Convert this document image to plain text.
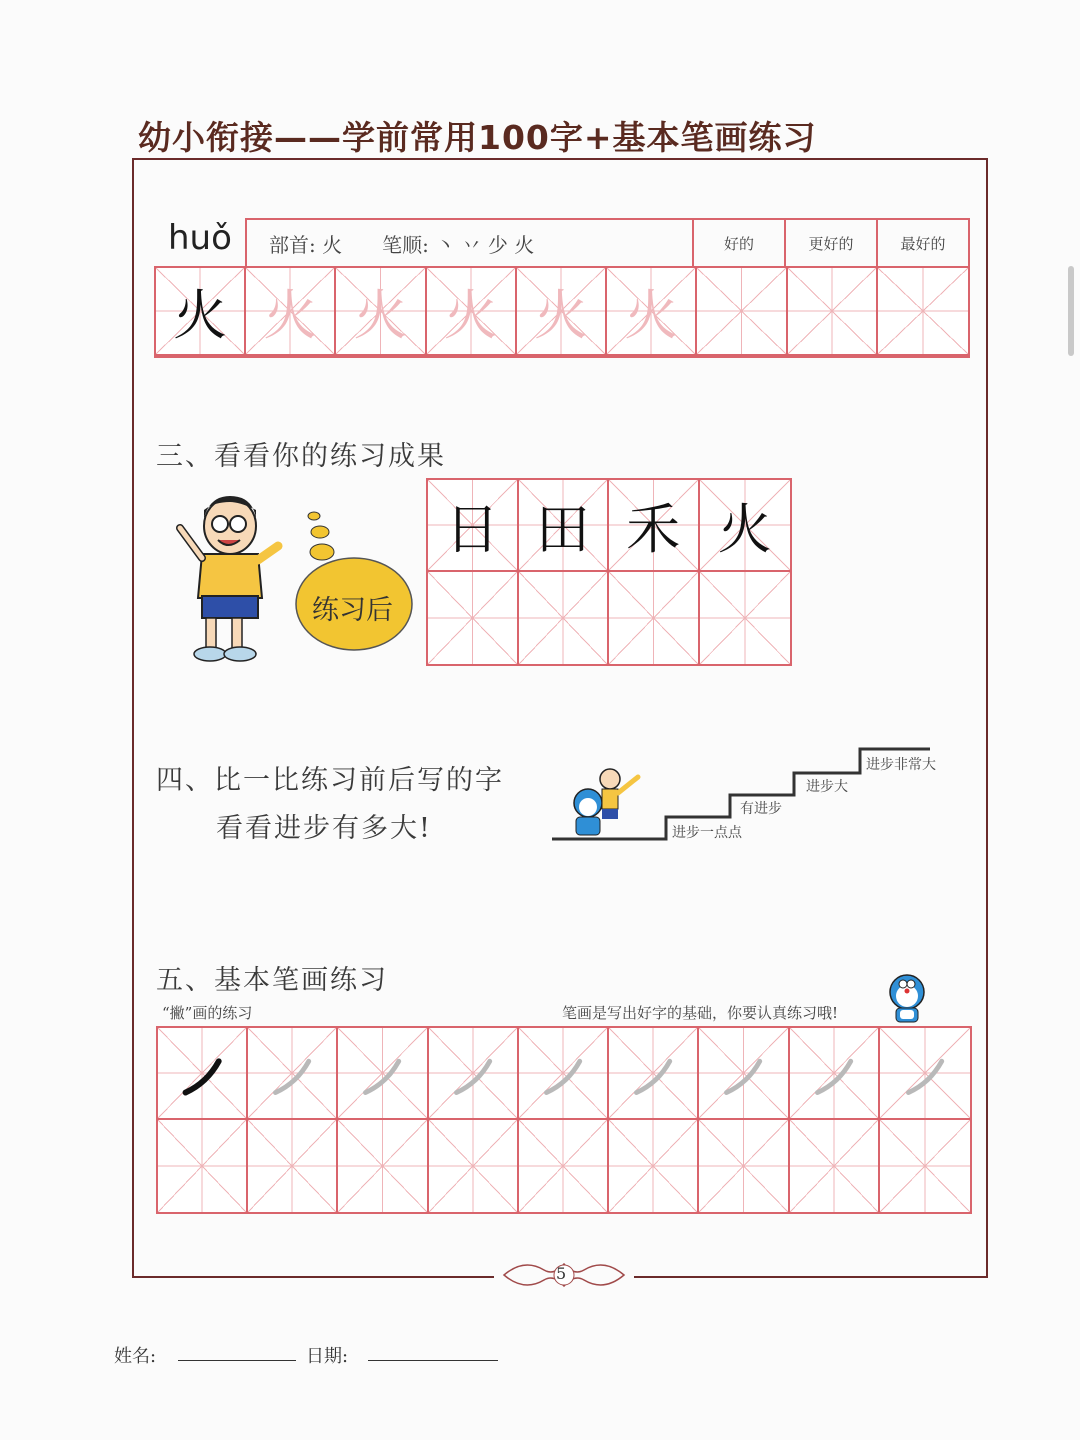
幼小衔接——学前常用100字+基本笔画练习
huǒ 部首: 火 笔顺: 丶 丷 少 火	好的	更好的	最好的
火 火 火 火 火 火
三、看看你的练习成果
练习后
日 田 禾 火
四、比一比练习前后写的字
看看进步有多大!	进步一点点
有进步
进步大
进步非常大
五、基本笔画练习
“撇”画的练习	笔画是写出好字的基础，你要认真练习哦!
5
姓名:	日期:
